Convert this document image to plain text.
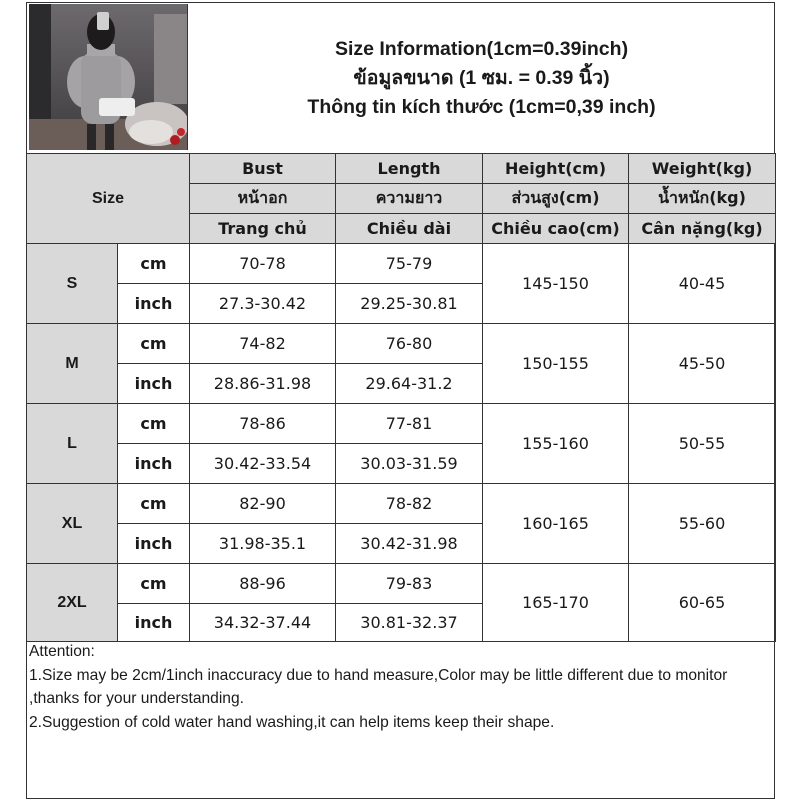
Size Information(1cm=0.39inch)
ข้อมูลขนาด (1 ซม. = 0.39 นิ้ว)
Thông tin kích thước (1cm=0,39 inch)
Size		Bust	Length	Height(cm)	Weight(kg)
		หน้าอก	ความยาว	ส่วนสูง(cm)	น้ำหนัก(kg)
		Trang chủ	Chiều dài	Chiều cao(cm)	Cân nặng(kg)
S	cm	70-78	75-79	145-150	40-45
	inch	27.3-30.42	29.25-30.81		
M	cm	74-82	76-80	150-155	45-50
	inch	28.86-31.98	29.64-31.2		
L	cm	78-86	77-81	155-160	50-55
	inch	30.42-33.54	30.03-31.59		
XL	cm	82-90	78-82	160-165	55-60
	inch	31.98-35.1	30.42-31.98		
2XL	cm	88-96	79-83	165-170	60-65
	inch	34.32-37.44	30.81-32.37		

Attention:

1.Size may be 2cm/1inch inaccuracy due to hand measure,Color may be little different due to monitor ,thanks for your understanding.

2.Suggestion of cold water hand washing,it can help items keep their shape.
